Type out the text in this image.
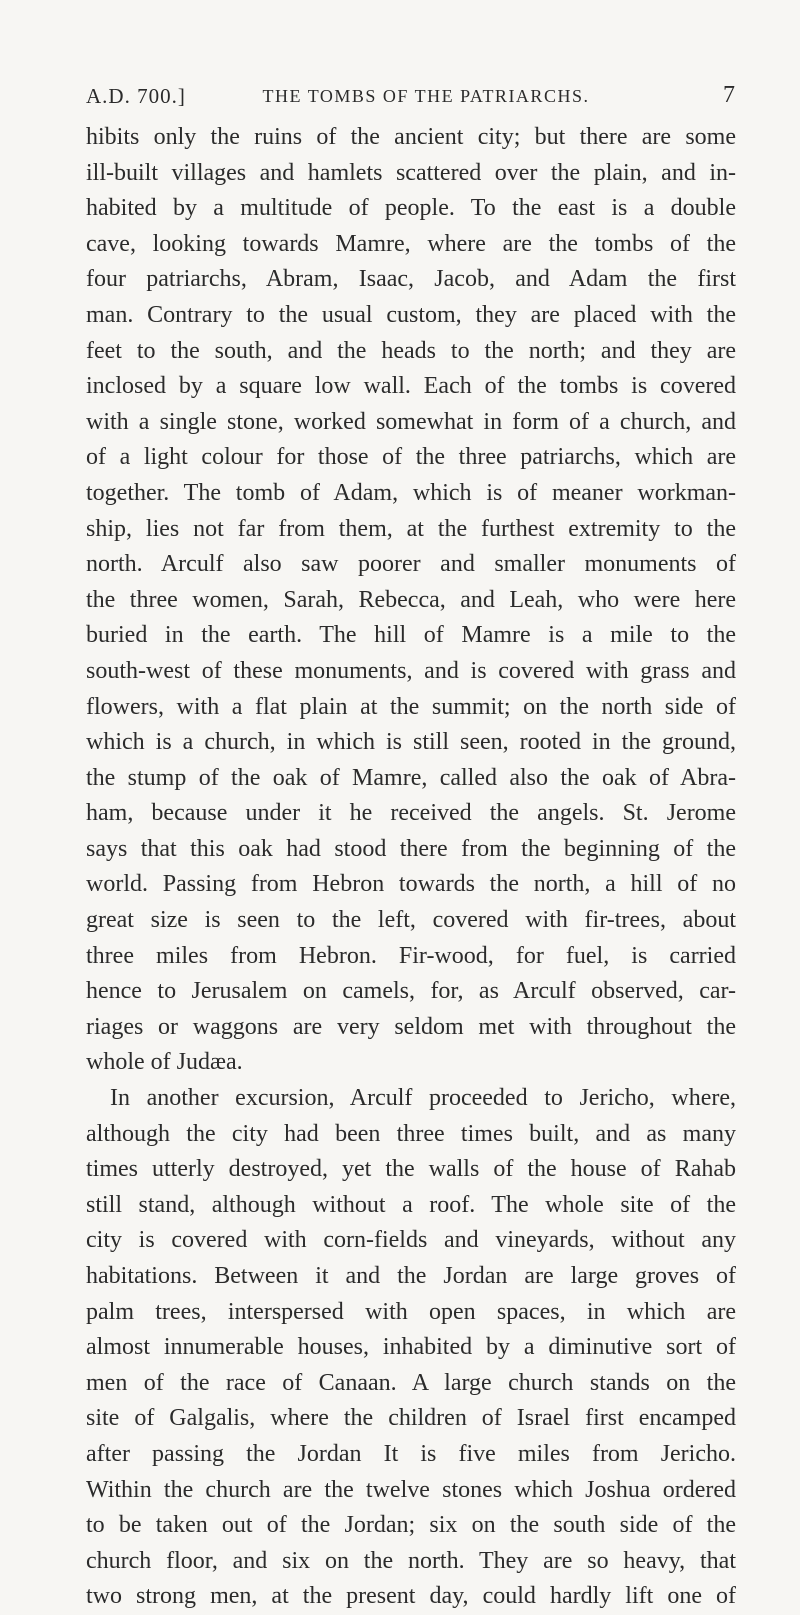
A.D. 700.]	THE TOMBS OF THE PATRIARCHS.	7
hibits only the ruins of the ancient city; but there are some
ill-built villages and hamlets scattered over the plain, and in-
habited by a multitude of people. To the east is a double
cave, looking towards Mamre, where are the tombs of the
four patriarchs, Abram, Isaac, Jacob, and Adam the first
man. Contrary to the usual custom, they are placed with the
feet to the south, and the heads to the north; and they are
inclosed by a square low wall. Each of the tombs is covered
with a single stone, worked somewhat in form of a church, and
of a light colour for those of the three patriarchs, which are
together. The tomb of Adam, which is of meaner workman-
ship, lies not far from them, at the furthest extremity to the
north. Arculf also saw poorer and smaller monuments of
the three women, Sarah, Rebecca, and Leah, who were here
buried in the earth. The hill of Mamre is a mile to the
south-west of these monuments, and is covered with grass and
flowers, with a flat plain at the summit; on the north side of
which is a church, in which is still seen, rooted in the ground,
the stump of the oak of Mamre, called also the oak of Abra-
ham, because under it he received the angels. St. Jerome
says that this oak had stood there from the beginning of the
world. Passing from Hebron towards the north, a hill of no
great size is seen to the left, covered with fir-trees, about
three miles from Hebron. Fir-wood, for fuel, is carried
hence to Jerusalem on camels, for, as Arculf observed, car-
riages or waggons are very seldom met with throughout the
whole of Judæa.
In another excursion, Arculf proceeded to Jericho, where,
although the city had been three times built, and as many
times utterly destroyed, yet the walls of the house of Rahab
still stand, although without a roof. The whole site of the
city is covered with corn-fields and vineyards, without any
habitations. Between it and the Jordan are large groves of
palm trees, interspersed with open spaces, in which are
almost innumerable houses, inhabited by a diminutive sort of
men of the race of Canaan. A large church stands on the
site of Galgalis, where the children of Israel first encamped
after passing the Jordan It is five miles from Jericho.
Within the church are the twelve stones which Joshua ordered
to be taken out of the Jordan; six on the south side of the
church floor, and six on the north. They are so heavy, that
two strong men, at the present day, could hardly lift one of
